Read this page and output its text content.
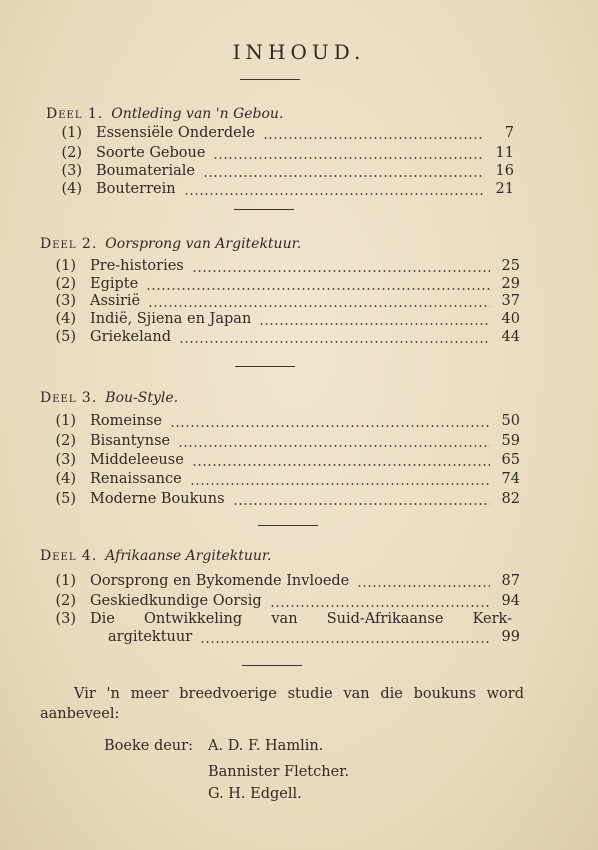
INHOUD.
Deel 1. Ontleding van 'n Gebou.
(1) Essensiële Onderdele	7
(2) Soorte Geboue	11
(3) Boumateriale	16
(4) Bouterrein	21
Deel 2. Oorsprong van Argitektuur.
(1) Pre-histories	25
(2) Egipte	29
(3) Assirië	37
(4) Indië, Sjiena en Japan	40
(5) Griekeland	44
Deel 3. Bou-Style.
(1) Romeinse	50
(2) Bisantynse	59
(3) Middeleeuse	65
(4) Renaissance	74
(5) Moderne Boukuns	82
Deel 4. Afrikaanse Argitektuur.
(1) Oorsprong en Bykomende Invloede	87
(2) Geskiedkundige Oorsig	94
(3) Die Ontwikkeling van Suid-Afrikaanse Kerk-
argitektuur	99
Vir 'n meer breedvoerige studie van die boukuns word
aanbeveel:
Boeke deur: A. D. F. Hamlin.
Bannister Fletcher.
G. H. Edgell.
